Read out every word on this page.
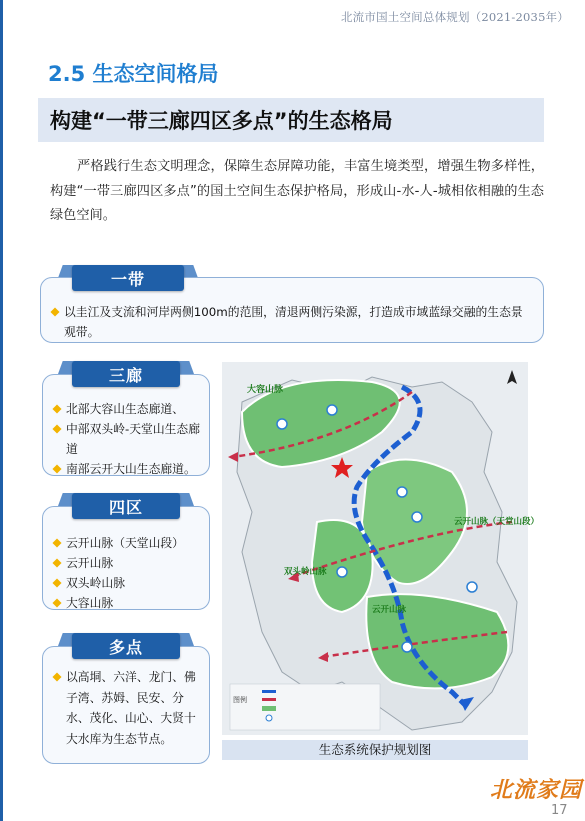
北流市国土空间总体规划（2021-2035年）
2.5 生态空间格局
构建“一带三廊四区多点”的生态格局
严格践行生态文明理念，保障生态屏障功能，丰富生境类型，增强生物多样性，构建“一带三廊四区多点”的国土空间生态保护格局，形成山-水-人-城相依相融的生态绿色空间。
以圭江及支流和河岸两侧100m的范围，清退两侧污染源，打造成市域蓝绿交融的生态景观带。
一带
北部大容山生态廊道、
中部双头岭-天堂山生态廊道
南部云开大山生态廊道。
三廊
云开山脉（天堂山段）
云开山脉
双头岭山脉
大容山脉
四区
以高垌、六洋、龙门、佛子湾、苏姆、民安、分水、茂化、山心、大贤十大水库为生态节点。
多点
大容山脉
云开山脉（天堂山段）
双头岭山脉
云开山脉
图例
生态系统保护规划图
北流家园
17
